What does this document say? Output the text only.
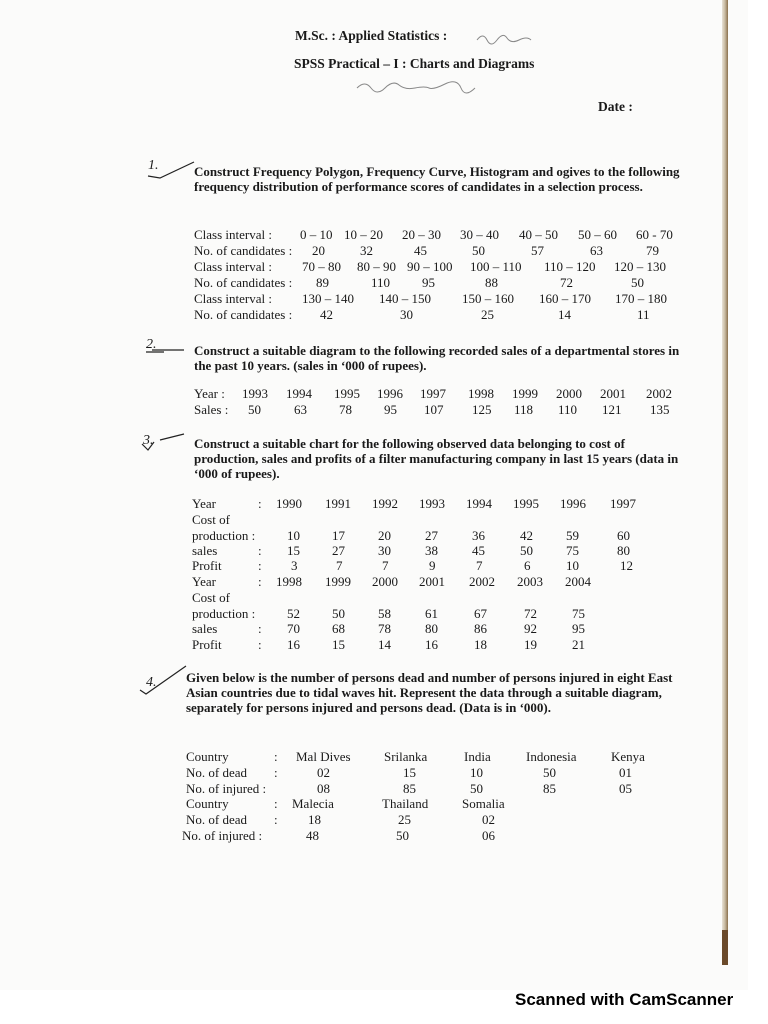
M.Sc. : Applied Statistics :
SPSS Practical – I : Charts and Diagrams
Date :
1.	Construct Frequency Polygon, Frequency Curve, Histogram and ogives to the following frequency distribution of performance scores of candidates in a selection process.
Class interval : 0 – 10 10 – 20 20 – 30 30 – 40 40 – 50 50 – 60 60 - 70
No. of candidates : 20	32	45	50	57	63	79
Class interval : 70 – 80 80 – 90 90 – 100 100 – 110 110 – 120 120 – 130
No. of candidates : 89	110 95	88	72	50
Class interval : 130 – 140 140 – 150 150 – 160 160 – 170 170 – 180
No. of candidates : 42	30	25	14	11
2.	Construct a suitable diagram to the following recorded sales of a departmental stores in the past 10 years. (sales in ‘000 of rupees).
Year : 1993 1994 1995 1996 1997 1998 1999 2000 2001 2002
Sales : 50	63 78 95 107 125 118 110 121 135
3.	Construct a suitable chart for the following observed data belonging to cost of production, sales and profits of a filter manufacturing company in last 15 years (data in ‘000 of rupees).
Year	: 1990 1991 1992 1993 1994 1995 1996 1997
Cost of
production : 10 17	20	27	36	42	59	60
sales	: 15 27	30	38	45	50	75	80
Profit	: 3	7	7	9	7	6	10	12
Year	: 1998 1999 2000 2001 2002 2003 2004
Cost of
production : 52 50	58	61	67	72	75
sales	: 70 68	78	80	86	92	95
Profit	: 16 15	14	16	18	19	21
4. Given below is the number of persons dead and number of persons injured in eight East Asian countries due to tidal waves hit. Represent the data through a suitable diagram, separately for persons injured and persons dead. (Data is in ‘000).
Country	: Mal Dives	Srilanka	India	Indonesia	Kenya
No. of dead :	02	15	10	50	01
No. of injured :	08	85	50	85	05
Country	: Malecia	Thailand	Somalia
No. of dead : 18	25	02
No. of injured :	48	50	06
Scanned with CamScanner
